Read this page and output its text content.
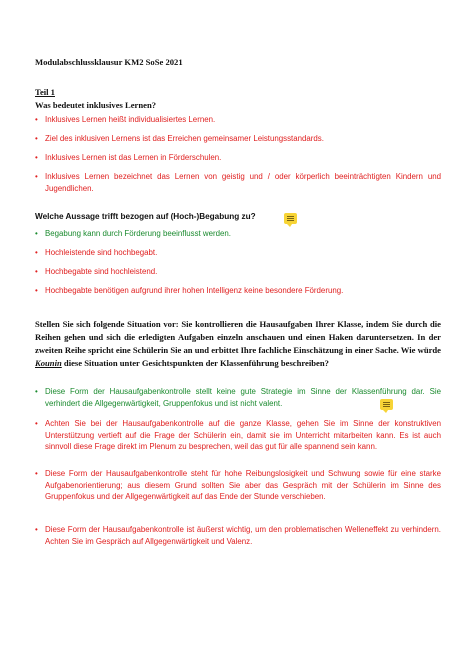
Modulabschlussklausur KM2 SoSe 2021
Teil 1
Was bedeutet inklusives Lernen?
• Inklusives Lernen heißt individualisiertes Lernen.
• Ziel des inklusiven Lernens ist das Erreichen gemeinsamer Leistungsstandards.
• Inklusives Lernen ist das Lernen in Förderschulen.
• Inklusives Lernen bezeichnet das Lernen von geistig und / oder körperlich beeinträchtigten Kindern und Jugendlichen.
Welche Aussage trifft bezogen auf (Hoch-)Begabung zu?
• Begabung kann durch Förderung beeinflusst werden.
• Hochleistende sind hochbegabt.
• Hochbegabte sind hochleistend.
• Hochbegabte benötigen aufgrund ihrer hohen Intelligenz keine besondere Förderung.
Stellen Sie sich folgende Situation vor: Sie kontrollieren die Hausaufgaben Ihrer Klasse, indem Sie durch die Reihen gehen und sich die erledigten Aufgaben einzeln anschauen und einen Haken daruntersetzen. In der zweiten Reihe spricht eine Schülerin Sie an und erbittet Ihre fachliche Einschätzung in einer Sache. Wie würde Kounin diese Situation unter Gesichtspunkten der Klassenführung beschreiben?
• Diese Form der Hausaufgabenkontrolle stellt keine gute Strategie im Sinne der Klassenführung dar. Sie verhindert die Allgegenwärtigkeit, Gruppenfokus und ist nicht valent.
• Achten Sie bei der Hausaufgabenkontrolle auf die ganze Klasse, gehen Sie im Sinne der konstruktiven Unterstützung vertieft auf die Frage der Schülerin ein, damit sie im Unterricht mitarbeiten kann. Es ist auch sinnvoll diese Frage direkt im Plenum zu besprechen, weil das gut für alle spannend sein kann.
• Diese Form der Hausaufgabenkontrolle steht für hohe Reibungslosigkeit und Schwung sowie für eine starke Aufgabenorientierung; aus diesem Grund sollten Sie aber das Gespräch mit der Schülerin im Sinne des Gruppenfokus und der Allgegenwärtigkeit auf das Ende der Stunde verschieben.
• Diese Form der Hausaufgabenkontrolle ist äußerst wichtig, um den problematischen Welleneffekt zu verhindern. Achten Sie im Gespräch auf Allgegenwärtigkeit und Valenz.
